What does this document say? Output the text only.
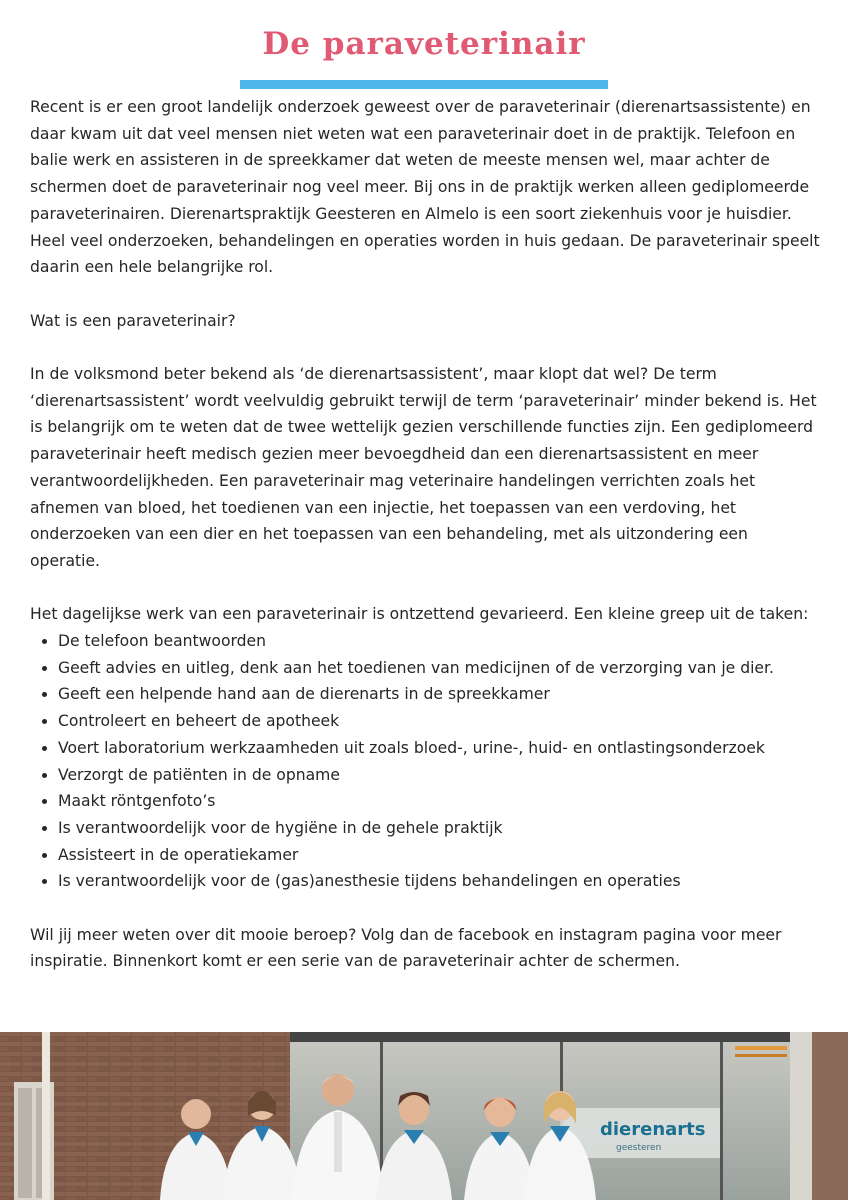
De paraveterinair

Recent is er een groot landelijk onderzoek geweest over de paraveterinair (dierenartsassistente) en daar kwam uit dat veel mensen niet weten wat een paraveterinair doet in de praktijk. Telefoon en balie werk en assisteren in de spreekkamer dat weten de meeste mensen wel, maar achter de schermen doet de paraveterinair nog veel meer. Bij ons in de praktijk werken alleen gediplomeerde paraveterinairen. Dierenartspraktijk Geesteren en Almelo is een soort ziekenhuis voor je huisdier. Heel veel onderzoeken, behandelingen en operaties worden in huis gedaan. De paraveterinair speelt daarin een hele belangrijke rol.

Wat is een paraveterinair?

In de volksmond beter bekend als ‘de dierenartsassistent’, maar klopt dat wel? De term ‘dierenartsassistent’ wordt veelvuldig gebruikt terwijl de term ‘paraveterinair’ minder bekend is. Het is belangrijk om te weten dat de twee wettelijk gezien verschillende functies zijn. Een gediplomeerd paraveterinair heeft medisch gezien meer bevoegdheid dan een dierenartsassistent en meer verantwoordelijkheden. Een paraveterinair mag veterinaire handelingen verrichten zoals het afnemen van bloed, het toedienen van een injectie, het toepassen van een verdoving, het onderzoeken van een dier en het toepassen van een behandeling, met als uitzondering een operatie.

Het dagelijkse werk van een paraveterinair is ontzettend gevarieerd. Een kleine greep uit de taken:

• De telefoon beantwoorden
• Geeft advies en uitleg, denk aan het toedienen van medicijnen of de verzorging van je dier.
• Geeft een helpende hand aan de dierenarts in de spreekkamer
• Controleert en beheert de apotheek
• Voert laboratorium werkzaamheden uit zoals bloed-, urine-, huid- en ontlastingsonderzoek
• Verzorgt de patiënten in de opname
• Maakt röntgenfoto’s
• Is verantwoordelijk voor de hygiëne in de gehele praktijk
• Assisteert in de operatiekamer
• Is verantwoordelijk voor de (gas)anesthesie tijdens behandelingen en operaties

Wil jij meer weten over dit mooie beroep? Volg dan de facebook en instagram pagina voor meer inspiratie. Binnenkort komt er een serie van de paraveterinair achter de schermen.

dierenarts
geesteren
